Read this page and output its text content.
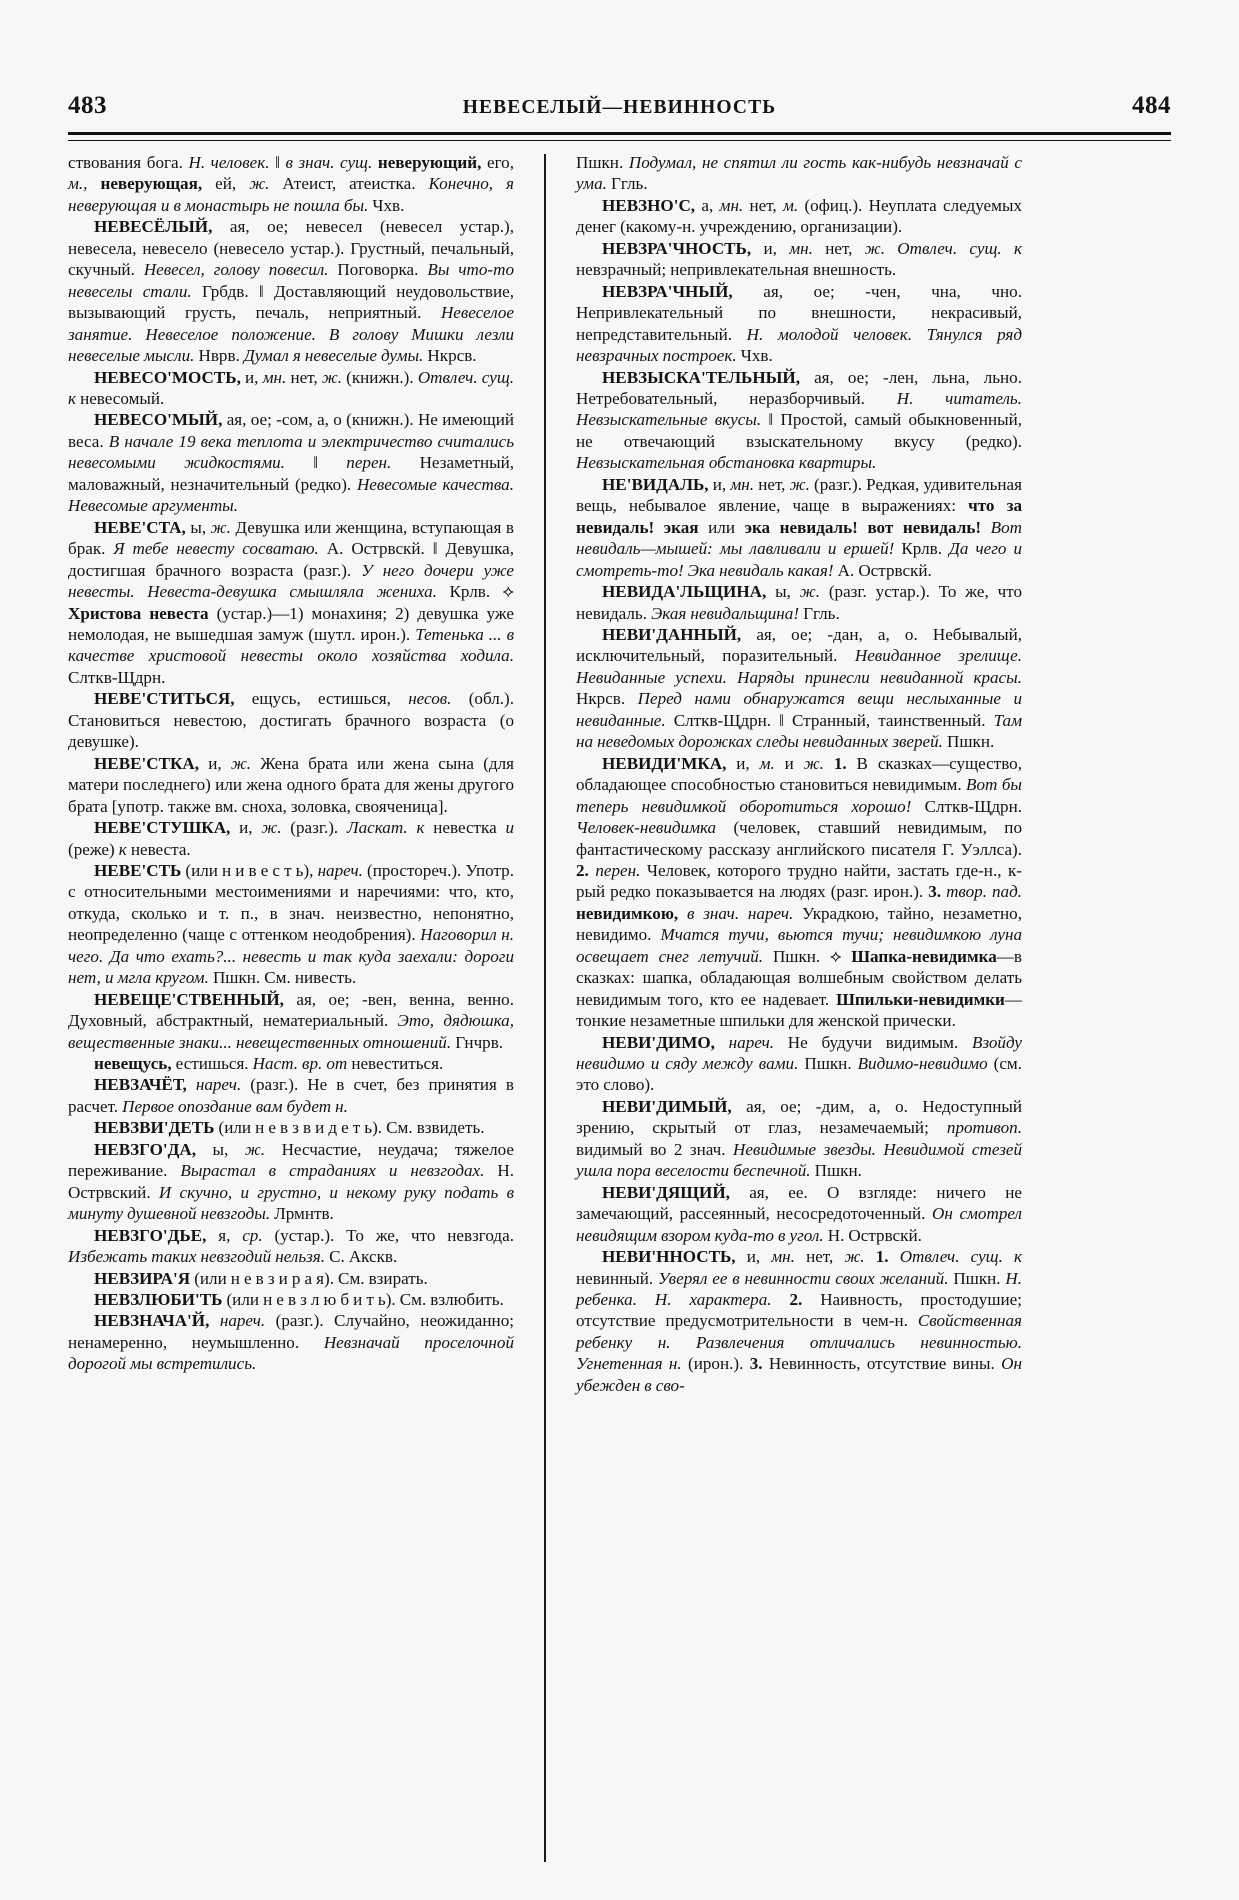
483	НЕВЕСЕЛЫЙ—НЕВИННОСТЬ	484

ствования бога. Н. человек. ‖ в знач. сущ. неверующий, его, м., неверующая, ей, ж. Атеист, атеистка. Конечно, я неверующая и в монастырь не пошла бы. Чхв.

НЕВЕСЁЛЫЙ, ая, ое; невесел (невесел устар.), невесела, невесело (невесело устар.). Грустный, печальный, скучный. Невесел, голову повесил. Поговорка. Вы что-то невеселы стали. Грбдв. ‖ Доставляющий неудовольствие, вызывающий грусть, печаль, неприятный. Невеселое занятие. Невеселое положение. В голову Мишки лезли невеселые мысли. Нврв. Думал я невеселые думы. Нкрсв.

НЕВЕСО'МОСТЬ, и, мн. нет, ж. (книжн.). Отвлеч. сущ. к невесомый.

НЕВЕСО'МЫЙ, ая, ое; -сом, а, о (книжн.). Не имеющий веса. В начале 19 века теплота и электричество считались невесомыми жидкостями. ‖ перен. Незаметный, маловажный, незначительный (редко). Невесомые качества. Невесомые аргументы.

НЕВЕ'СТА, ы, ж. Девушка или женщина, вступающая в брак. Я тебе невесту сосватаю. А. Острвскй. ‖ Девушка, достигшая брачного возраста (разг.). У него дочери уже невесты. Невеста-девушка смышляла жениха. Крлв. ⟡ Христова невеста (устар.)—1) монахиня; 2) девушка уже немолодая, не вышедшая замуж (шутл. ирон.). Тетенька ... в качестве христовой невесты около хозяйства ходила. Слткв-Щдрн.

НЕВЕ'СТИТЬСЯ, ещусь, естишься, несов. (обл.). Становиться невестою, достигать брачного возраста (о девушке).

НЕВЕ'СТКА, и, ж. Жена брата или жена сына (для матери последнего) или жена одного брата для жены другого брата [употр. также вм. сноха, золовка, свояченица].

НЕВЕ'СТУШКА, и, ж. (разг.). Ласкат. к невестка и (реже) к невеста.

НЕВЕ'СТЬ (или н и в е с т ь), нареч. (простореч.). Употр. с относительными местоимениями и наречиями: что, кто, откуда, сколько и т. п., в знач. неизвестно, непонятно, неопределенно (чаще с оттенком неодобрения). Наговорил н. чего. Да что ехать?... невесть и так куда заехали: дороги нет, и мгла кругом. Пшкн. См. нивесть.

НЕВЕЩЕ'СТВЕННЫЙ, ая, ое; -вен, венна, венно. Духовный, абстрактный, нематериальный. Это, дядюшка, вещественные знаки... невещественных отношений. Гнчрв.

невещусь, естишься. Наст. вр. от невеститься.

НЕВЗАЧЁТ, нареч. (разг.). Не в счет, без принятия в расчет. Первое опоздание вам будет н.

НЕВЗВИ'ДЕТЬ (или н е в з в и д е т ь). См. взвидеть.

НЕВЗГО'ДА, ы, ж. Несчастие, неудача; тяжелое переживание. Вырастал в страданиях и невзгодах. Н. Острвский. И скучно, и грустно, и некому руку подать в минуту душевной невзгоды. Лрмнтв.

НЕВЗГО'ДЬЕ, я, ср. (устар.). То же, что невзгода. Избежать таких невзгодий нельзя. С. Акскв.

НЕВЗИРА'Я (или н е в з и р а я). См. взирать.

НЕВЗЛЮБИ'ТЬ (или н е в з л ю б и т ь). См. взлюбить.

НЕВЗНАЧА'Й, нареч. (разг.). Случайно, неожиданно; ненамеренно, неумышленно. Невзначай проселочной дорогой мы встретились.

Пшкн. Подумал, не спятил ли гость как-нибудь невзначай с ума. Ггль.

НЕВЗНО'С, а, мн. нет, м. (офиц.). Неуплата следуемых денег (какому-н. учреждению, организации).

НЕВЗРА'ЧНОСТЬ, и, мн. нет, ж. Отвлеч. сущ. к невзрачный; непривлекательная внешность.

НЕВЗРА'ЧНЫЙ, ая, ое; -чен, чна, чно. Непривлекательный по внешности, некрасивый, непредставительный. Н. молодой человек. Тянулся ряд невзрачных построек. Чхв.

НЕВЗЫСКА'ТЕЛЬНЫЙ, ая, ое; -лен, льна, льно. Нетребовательный, неразборчивый. Н. читатель. Невзыскательные вкусы. ‖ Простой, самый обыкновенный, не отвечающий взыскательному вкусу (редко). Невзыскательная обстановка квартиры.

НЕ'ВИДАЛЬ, и, мн. нет, ж. (разг.). Редкая, удивительная вещь, небывалое явление, чаще в выражениях: что за невидаль! экая или эка невидаль! вот невидаль! Вот невидаль—мышей: мы лавливали и ершей! Крлв. Да чего и смотреть-то! Эка невидаль какая! А. Острвскй.

НЕВИДА'ЛЬЩИНА, ы, ж. (разг. устар.). То же, что невидаль. Экая невидальщина! Ггль.

НЕВИ'ДАННЫЙ, ая, ое; -дан, а, о. Небывалый, исключительный, поразительный. Невиданное зрелище. Невиданные успехи. Наряды принесли невиданной красы. Нкрсв. Перед нами обнаружатся вещи неслыханные и невиданные. Слткв-Щдрн. ‖ Странный, таинственный. Там на неведомых дорожках следы невиданных зверей. Пшкн.

НЕВИДИ'МКА, и, м. и ж. 1. В сказках—существо, обладающее способностью становиться невидимым. Вот бы теперь невидимкой оборотиться хорошо! Слткв-Щдрн. Человек-невидимка (человек, ставший невидимым, по фантастическому рассказу английского писателя Г. Уэллса). 2. перен. Человек, которого трудно найти, застать где-н., к-рый редко показывается на людях (разг. ирон.). 3. твор. пад. невидимкою, в знач. нареч. Украдкою, тайно, незаметно, невидимо. Мчатся тучи, вьются тучи; невидимкою луна освещает снег летучий. Пшкн. ⟡ Шапка-невидимка—в сказках: шапка, обладающая волшебным свойством делать невидимым того, кто ее надевает. Шпильки-невидимки—тонкие незаметные шпильки для женской прически.

НЕВИ'ДИМО, нареч. Не будучи видимым. Взойду невидимо и сяду между вами. Пшкн. Видимо-невидимо (см. это слово).

НЕВИ'ДИМЫЙ, ая, ое; -дим, а, о. Недоступный зрению, скрытый от глаз, незамечаемый; противоп. видимый во 2 знач. Невидимые звезды. Невидимой стезей ушла пора веселости беспечной. Пшкн.

НЕВИ'ДЯЩИЙ, ая, ее. О взгляде: ничего не замечающий, рассеянный, несосредоточенный. Он смотрел невидящим взором куда-то в угол. Н. Острвскй.

НЕВИ'ННОСТЬ, и, мн. нет, ж. 1. Отвлеч. сущ. к невинный. Уверял ее в невинности своих желаний. Пшкн. Н. ребенка. Н. характера. 2. Наивность, простодушие; отсутствие предусмотрительности в чем-н. Свойственная ребенку н. Развлечения отличались невинностью. Угнетенная н. (ирон.). 3. Невинность, отсутствие вины. Он убежден в сво-
